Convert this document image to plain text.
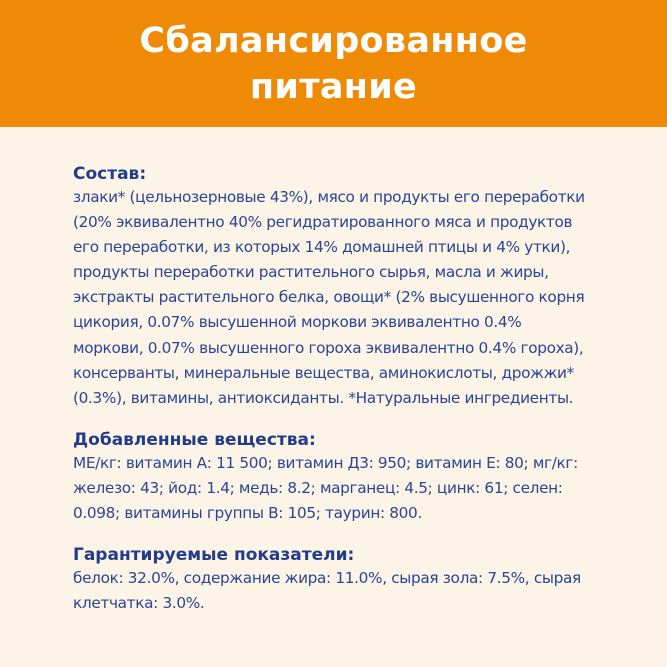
Сбалансированное
питание

Состав:

злаки* (цельнозерновые 43%), мясо и продукты его переработки

(20% эквивалентно 40% регидратированного мяса и продуктов

его переработки, из которых 14% домашней птицы и 4% утки),

продукты переработки растительного сырья, масла и жиры,

экстракты растительного белка, овощи* (2% высушенного корня

цикория, 0.07% высушенной моркови эквивалентно 0.4%

моркови, 0.07% высушенного гороха эквивалентно 0.4% гороха),

консерванты, минеральные вещества, аминокислоты, дрожжи*

(0.3%), витамины, антиоксиданты. *Натуральные ингредиенты.

Добавленные вещества:

МЕ/кг: витамин А: 11 500; витамин Д3: 950; витамин Е: 80; мг/кг:

железо: 43; йод: 1.4; медь: 8.2; марганец: 4.5; цинк: 61; селен:

0.098; витамины группы В: 105; таурин: 800.

Гарантируемые показатели:

белок: 32.0%, содержание жира: 11.0%, сырая зола: 7.5%, сырая

клетчатка: 3.0%.
